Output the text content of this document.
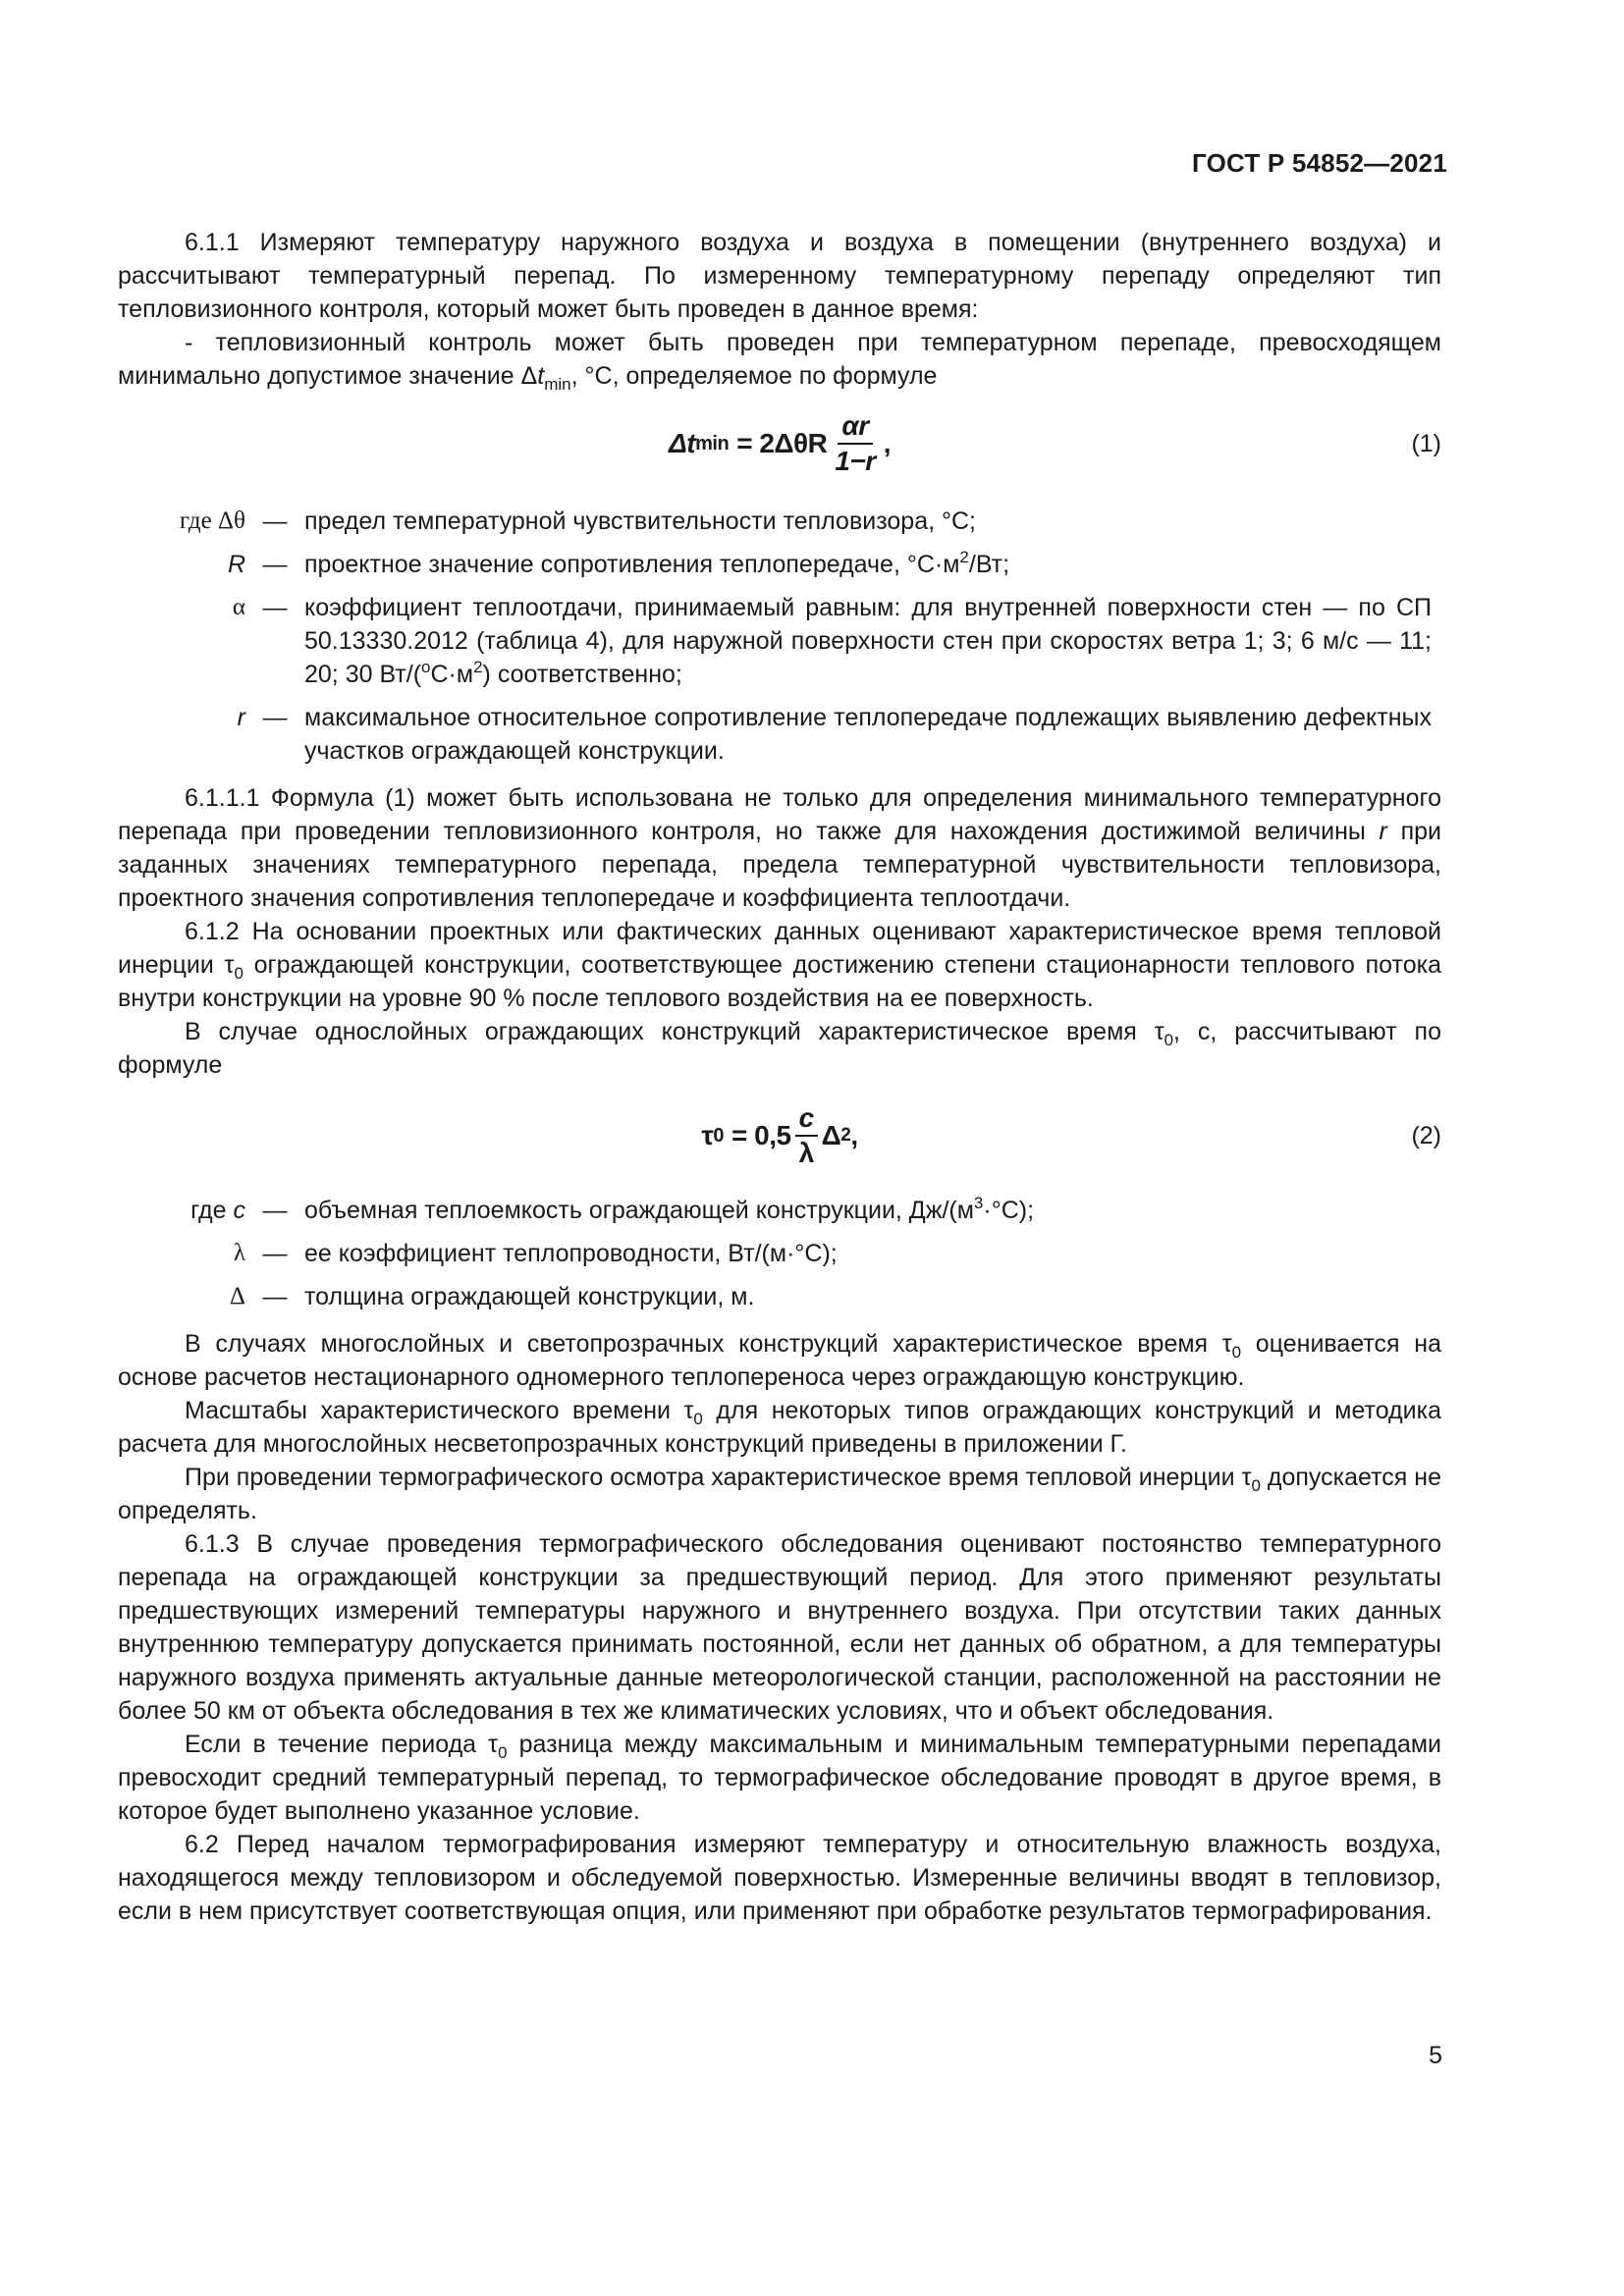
ГОСТ Р 54852—2021

6.1.1 Измеряют температуру наружного воздуха и воздуха в помещении (внутреннего воздуха) и рассчитывают температурный перепад. По измеренному температурному перепаду определяют тип тепловизионного контроля, который может быть проведен в данное время:

- тепловизионный контроль может быть проведен при температурном перепаде, превосходящем минимально допустимое значение $\Delta t_{min}$, °С, определяемое по формуле

Δt $\min = 2\Delta\theta R \frac{\alpha r}{1-r}$ ,	(1)
где Δθ — предел температурной чувствительности тепловизора, °С;
R — проектное значение сопротивления теплопередаче, $^\circ С\cdot м^2/Вт$;
α — коэффициент теплоотдачи, принимаемый равным: для внутренней поверхности стен — по СП 50.13330.2012 (таблица 4), для наружной поверхности стен при скоростях ветра 1; 3; 6 м/с — 11; 20; 30 $Вт/(^оС\cdot м^2)$ соответственно;
r — максимальное относительное сопротивление теплопередаче подлежащих выявлению дефектных участков ограждающей конструкции.

6.1.1.1 Формула (1) может быть использована не только для определения минимального температурного перепада при проведении тепловизионного контроля, но также для нахождения достижимой величины r при заданных значениях температурного перепада, предела температурной чувствительности тепловизора, проектного значения сопротивления теплопередаче и коэффициента теплоотдачи.

6.1.2 На основании проектных или фактических данных оценивают характеристическое время тепловой инерции $\tau_0$ ограждающей конструкции, соответствующее достижению степени стационарности теплового потока внутри конструкции на уровне 90 % после теплового воздействия на ее поверхность.

В случае однослойных ограждающих конструкций характеристическое время $\tau_0$, с, рассчитывают по формуле

τ $0 = 0,5 \frac{c}{\lambda}$ Δ 2 ,	(2)
где c — объемная теплоемкость ограждающей конструкции, $Дж/(м^3\cdot^\circ С)$;
λ — ее коэффициент теплопроводности, Вт/(м·°С);
Δ — толщина ограждающей конструкции, м.

В случаях многослойных и светопрозрачных конструкций характеристическое время $\tau_0$ оценивается на основе расчетов нестационарного одномерного теплопереноса через ограждающую конструкцию.

Масштабы характеристического времени $\tau_0$ для некоторых типов ограждающих конструкций и методика расчета для многослойных несветопрозрачных конструкций приведены в приложении Г.

При проведении термографического осмотра характеристическое время тепловой инерции $\tau_0$ допускается не определять.

6.1.3 В случае проведения термографического обследования оценивают постоянство температурного перепада на ограждающей конструкции за предшествующий период. Для этого применяют результаты предшествующих измерений температуры наружного и внутреннего воздуха. При отсутствии таких данных внутреннюю температуру допускается принимать постоянной, если нет данных об обратном, а для температуры наружного воздуха применять актуальные данные метеорологической станции, расположенной на расстоянии не более 50 км от объекта обследования в тех же климатических условиях, что и объект обследования.

Если в течение периода $\tau_0$ разница между максимальным и минимальным температурными перепадами превосходит средний температурный перепад, то термографическое обследование проводят в другое время, в которое будет выполнено указанное условие.

6.2 Перед началом термографирования измеряют температуру и относительную влажность воздуха, находящегося между тепловизором и обследуемой поверхностью. Измеренные величины вводят в тепловизор, если в нем присутствует соответствующая опция, или применяют при обработке результатов термографирования.

5
